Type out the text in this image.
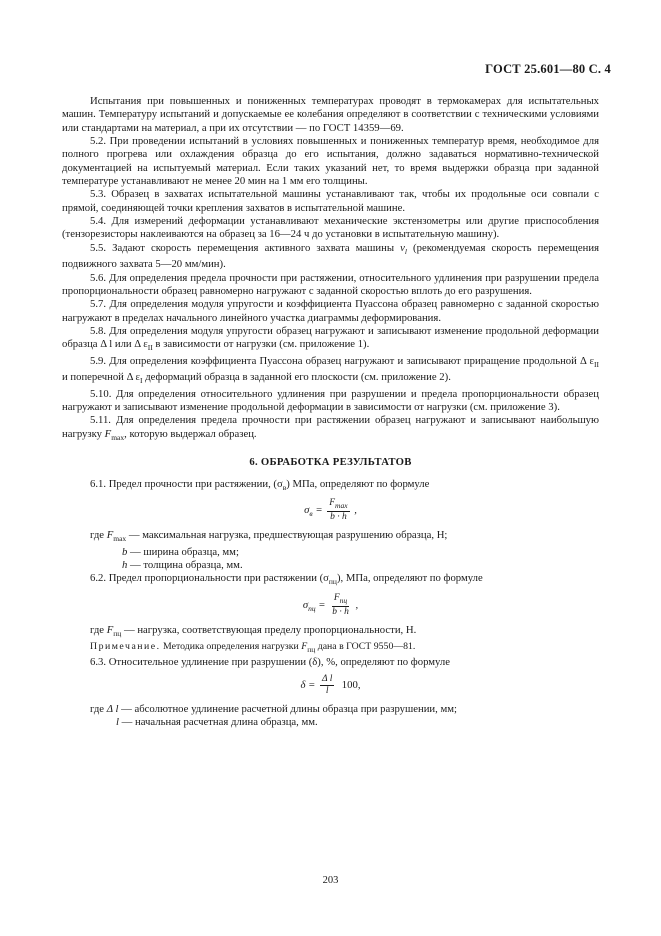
ГОСТ 25.601—80 С. 4

Испытания при повышенных и пониженных температурах проводят в термокамерах для испытательных машин. Температуру испытаний и допускаемые ее колебания определяют в соответствии с техническими условиями или стандартами на материал, а при их отсутствии — по ГОСТ 14359—69.

5.2. При проведении испытаний в условиях повышенных и пониженных температур время, необходимое для полного прогрева или охлаждения образца до его испытания, должно задаваться нормативно-технической документацией на испытуемый материал. Если таких указаний нет, то время выдержки образца при заданной температуре устанавливают не менее 20 мин на 1 мм его толщины.

5.3. Образец в захватах испытательной машины устанавливают так, чтобы их продольные оси совпали с прямой, соединяющей точки крепления захватов в испытательной машине.

5.4. Для измерений деформации устанавливают механические экстензометры или другие приспособления (тензорезисторы наклеиваются на образец за 16—24 ч до установки в испытательную машину).

5.5. Задают скорость перемещения активного захвата машины $v_l$ (рекомендуемая скорость перемещения подвижного захвата 5—20 мм/мин).

5.6. Для определения предела прочности при растяжении, относительного удлинения при разрушении предела пропорциональности образец равномерно нагружают с заданной скоростью вплоть до его разрушения.

5.7. Для определения модуля упругости и коэффициента Пуассона образец равномерно с заданной скоростью нагружают в пределах начального линейного участка диаграммы деформирования.

5.8. Для определения модуля упругости образец нагружают и записывают изменение продольной деформации образца Δ l или Δ $\varepsilon_{II}$ в зависимости от нагрузки (см. приложение 1).

5.9. Для определения коэффициента Пуассона образец нагружают и записывают приращение продольной Δ $\varepsilon_{II}$ и поперечной Δ $\varepsilon_I$ деформаций образца в заданной его плоскости (см. приложение 2).

5.10. Для определения относительного удлинения при разрушении и предела пропорциональности образец нагружают и записывают изменение продольной деформации в зависимости от нагрузки (см. приложение 3).

5.11. Для определения предела прочности при растяжении образец нагружают и записывают наибольшую нагрузку $F_{max}$, которую выдержал образец.

6. ОБРАБОТКА РЕЗУЛЬТАТОВ

6.1. Предел прочности при растяжении, $(\sigma_в)$ МПа, определяют по формуле

$\sigma_в = \frac{F_{max}}{b \cdot h}$ ,

где $F_{max}$ — максимальная нагрузка, предшествующая разрушению образца, Н;

b — ширина образца, мм;

h — толщина образца, мм.

6.2. Предел пропорциональности при растяжении $(\sigma_{пц})$, МПа, определяют по формуле

$\sigma_{пц} = \frac{F_{пц}}{b \cdot h}$ ,

где $F_{пц}$ — нагрузка, соответствующая пределу пропорциональности, Н.

Примечание. Методика определения нагрузки $F_{пц}$ дана в ГОСТ 9550—81.

6.3. Относительное удлинение при разрушении (δ), %, определяют по формуле

$\delta = \frac{\text{Δ l}}{l} 100$,

где Δ l — абсолютное удлинение расчетной длины образца при разрушении, мм;

l — начальная расчетная длина образца, мм.

203
